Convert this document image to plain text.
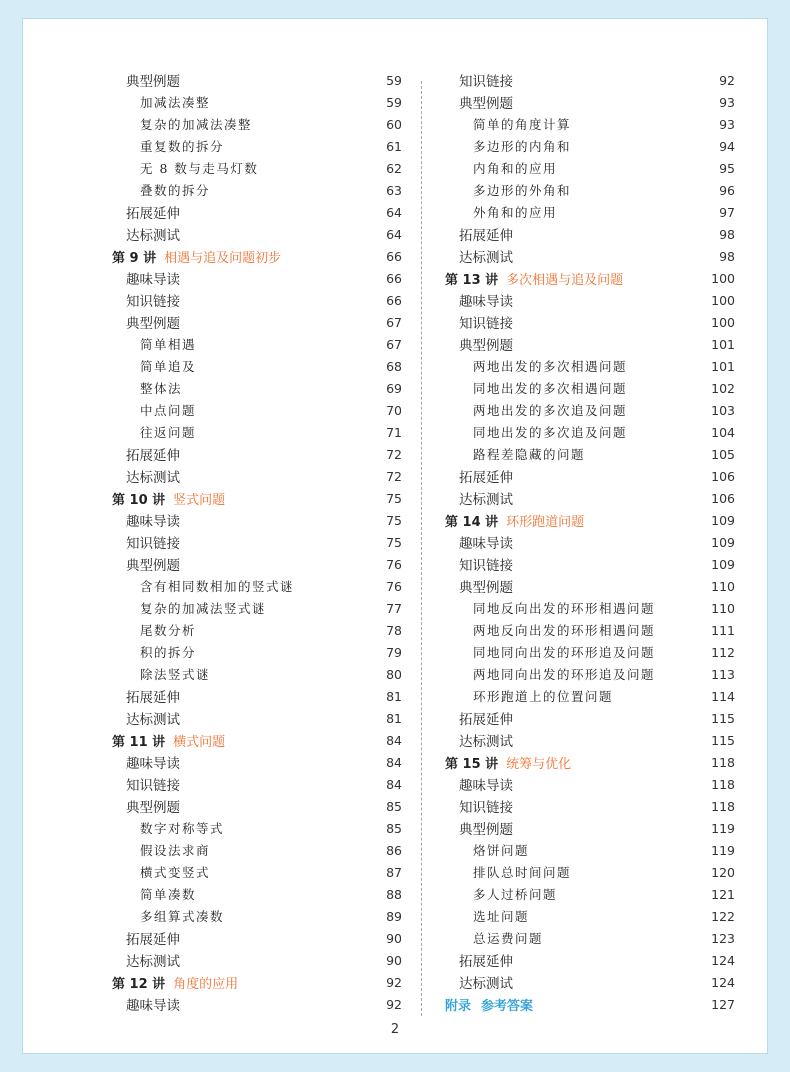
典型例题	59
加减法凑整	59
复杂的加减法凑整	60
重复数的拆分	61
无 8 数与走马灯数	62
叠数的拆分	63
拓展延伸	64
达标测试	64
第 9 讲 相遇与追及问题初步	66
趣味导读	66
知识链接	66
典型例题	67
简单相遇	67
简单追及	68
整体法	69
中点问题	70
往返问题	71
拓展延伸	72
达标测试	72
第 10 讲 竖式问题	75
趣味导读	75
知识链接	75
典型例题	76
含有相同数相加的竖式谜	76
复杂的加减法竖式谜	77
尾数分析	78
积的拆分	79
除法竖式谜	80
拓展延伸	81
达标测试	81
第 11 讲 横式问题	84
趣味导读	84
知识链接	84
典型例题	85
数字对称等式	85
假设法求商	86
横式变竖式	87
简单凑数	88
多组算式凑数	89
拓展延伸	90
达标测试	90
第 12 讲 角度的应用	92
趣味导读	92
知识链接	92
典型例题	93
简单的角度计算	93
多边形的内角和	94
内角和的应用	95
多边形的外角和	96
外角和的应用	97
拓展延伸	98
达标测试	98
第 13 讲 多次相遇与追及问题	100
趣味导读	100
知识链接	100
典型例题	101
两地出发的多次相遇问题	101
同地出发的多次相遇问题	102
两地出发的多次追及问题	103
同地出发的多次追及问题	104
路程差隐藏的问题	105
拓展延伸	106
达标测试	106
第 14 讲 环形跑道问题	109
趣味导读	109
知识链接	109
典型例题	110
同地反向出发的环形相遇问题	110
两地反向出发的环形相遇问题	111
同地同向出发的环形追及问题	112
两地同向出发的环形追及问题	113
环形跑道上的位置问题	114
拓展延伸	115
达标测试	115
第 15 讲 统筹与优化	118
趣味导读	118
知识链接	118
典型例题	119
烙饼问题	119
排队总时间问题	120
多人过桥问题	121
选址问题	122
总运费问题	123
拓展延伸	124
达标测试	124
附录 参考答案	127
2
